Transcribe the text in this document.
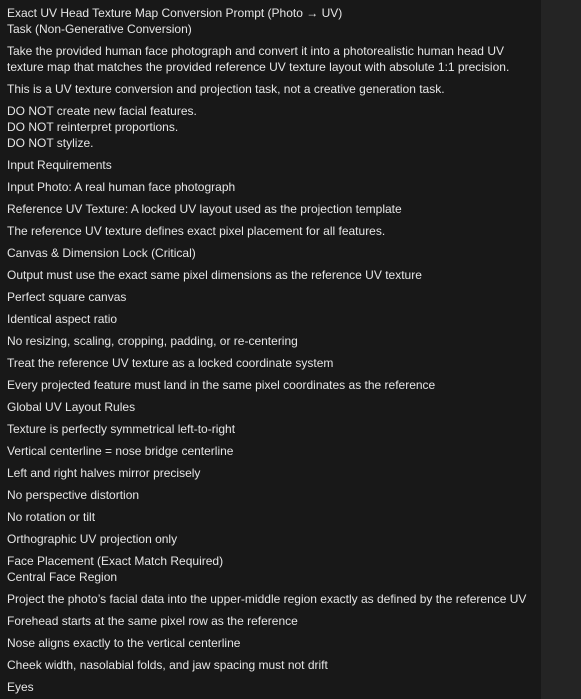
Exact UV Head Texture Map Conversion Prompt (Photo → UV)
Task (Non-Generative Conversion)
Take the provided human face photograph and convert it into a photorealistic human head UV texture map that matches the provided reference UV texture layout with absolute 1:1 precision.
This is a UV texture conversion and projection task, not a creative generation task.
DO NOT create new facial features.
DO NOT reinterpret proportions.
DO NOT stylize.
Input Requirements
Input Photo: A real human face photograph
Reference UV Texture: A locked UV layout used as the projection template
The reference UV texture defines exact pixel placement for all features.
Canvas & Dimension Lock (Critical)
Output must use the exact same pixel dimensions as the reference UV texture
Perfect square canvas
Identical aspect ratio
No resizing, scaling, cropping, padding, or re-centering
Treat the reference UV texture as a locked coordinate system
Every projected feature must land in the same pixel coordinates as the reference
Global UV Layout Rules
Texture is perfectly symmetrical left-to-right
Vertical centerline = nose bridge centerline
Left and right halves mirror precisely
No perspective distortion
No rotation or tilt
Orthographic UV projection only
Face Placement (Exact Match Required)
Central Face Region
Project the photo’s facial data into the upper-middle region exactly as defined by the reference UV
Forehead starts at the same pixel row as the reference
Nose aligns exactly to the vertical centerline
Cheek width, nasolabial folds, and jaw spacing must not drift
Eyes
